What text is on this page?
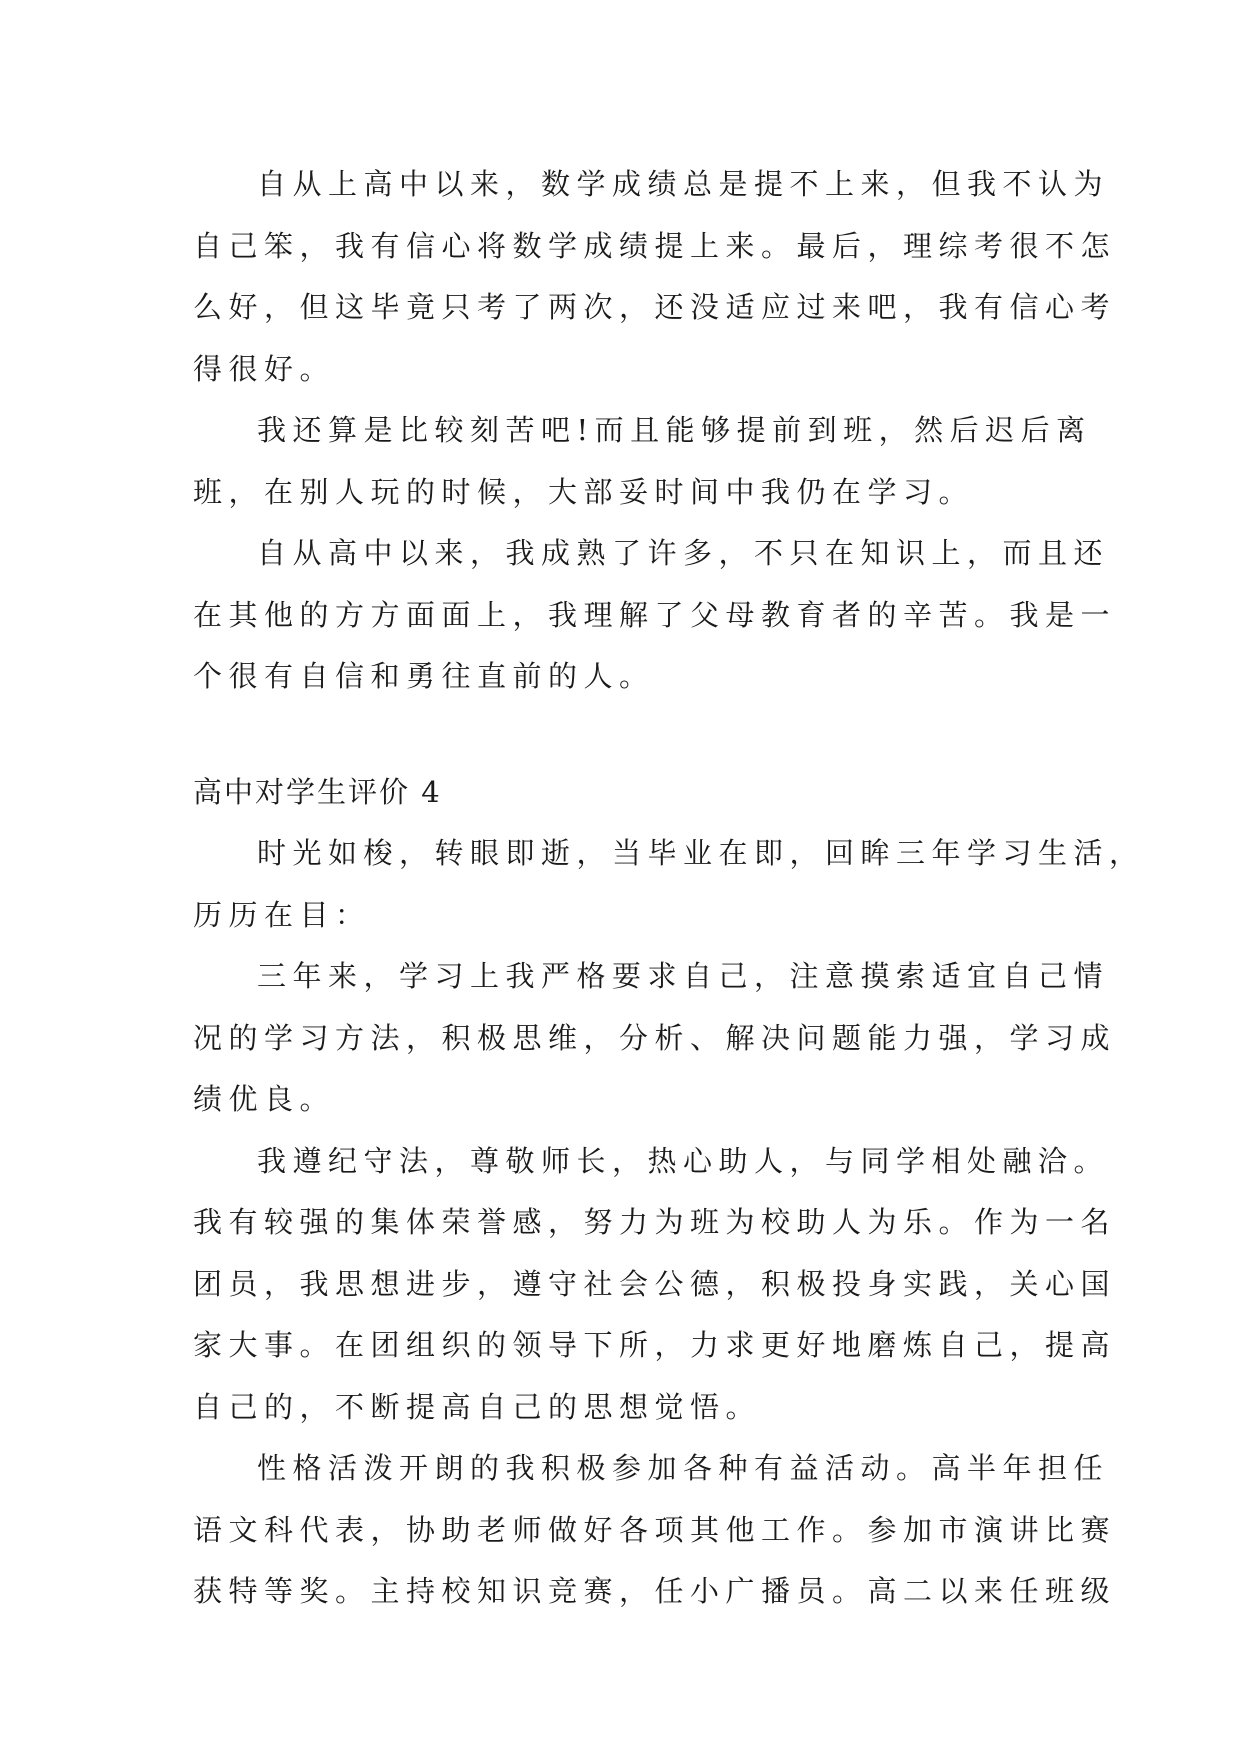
自从上高中以来，数学成绩总是提不上来，但我不认为
自己笨，我有信心将数学成绩提上来。最后，理综考很不怎
么好，但这毕竟只考了两次，还没适应过来吧，我有信心考
得很好。
我还算是比较刻苦吧!而且能够提前到班，然后迟后离
班，在别人玩的时候，大部妥时间中我仍在学习。
自从高中以来，我成熟了许多，不只在知识上，而且还
在其他的方方面面上，我理解了父母教育者的辛苦。我是一
个很有自信和勇往直前的人。
高中对学生评价 4
时光如梭，转眼即逝，当毕业在即，回眸三年学习生活，
历历在目：
三年来，学习上我严格要求自己，注意摸索适宜自己情
况的学习方法，积极思维，分析、解决问题能力强，学习成
绩优良。
我遵纪守法，尊敬师长，热心助人，与同学相处融洽。
我有较强的集体荣誉感，努力为班为校助人为乐。作为一名
团员，我思想进步，遵守社会公德，积极投身实践，关心国
家大事。在团组织的领导下所，力求更好地磨炼自己，提高
自己的，不断提高自己的思想觉悟。
性格活泼开朗的我积极参加各种有益活动。高半年担任
语文科代表，协助老师做好各项其他工作。参加市演讲比赛
获特等奖。主持校知识竞赛，任小广播员。高二以来任班级
